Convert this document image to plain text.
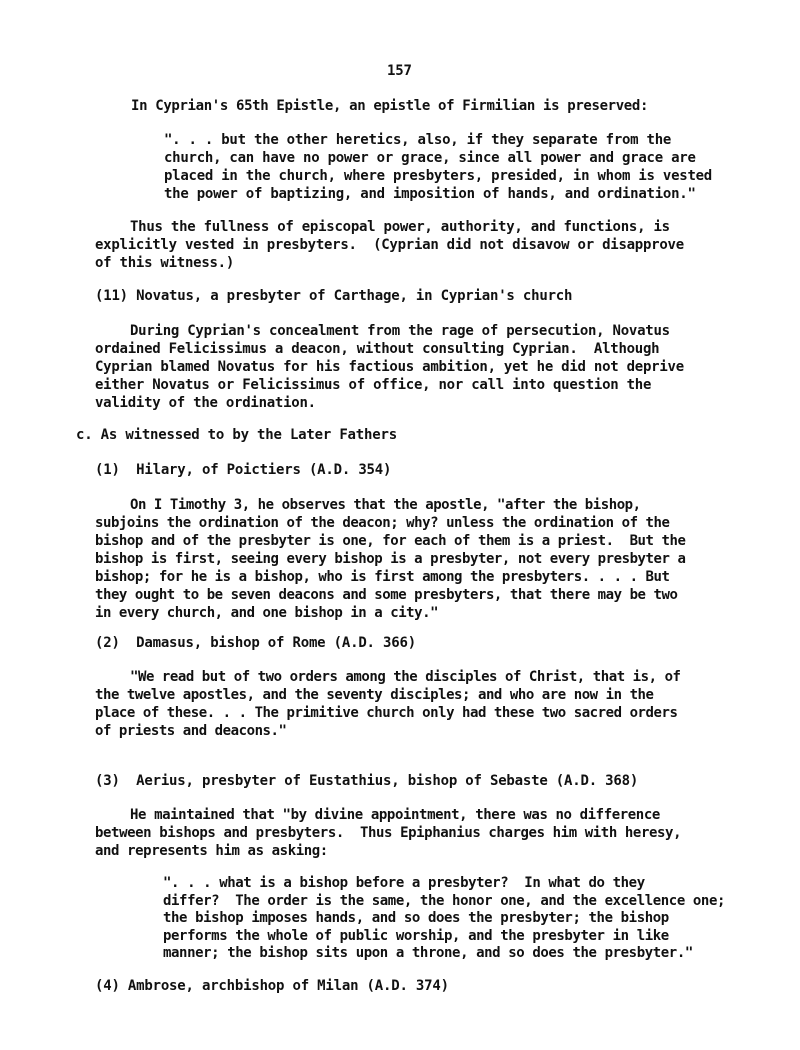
157
In Cyprian's 65th Epistle, an epistle of Firmilian is preserved:
". . . but the other heretics, also, if they separate from the
church, can have no power or grace, since all power and grace are
placed in the church, where presbyters, presided, in whom is vested
the power of baptizing, and imposition of hands, and ordination."
Thus the fullness of episcopal power, authority, and functions, is
explicitly vested in presbyters.  (Cyprian did not disavow or disapprove
of this witness.)
(11) Novatus, a presbyter of Carthage, in Cyprian's church
During Cyprian's concealment from the rage of persecution, Novatus
ordained Felicissimus a deacon, without consulting Cyprian.  Although
Cyprian blamed Novatus for his factious ambition, yet he did not deprive
either Novatus or Felicissimus of office, nor call into question the
validity of the ordination.
c. As witnessed to by the Later Fathers
(1)  Hilary, of Poictiers (A.D. 354)
On I Timothy 3, he observes that the apostle, "after the bishop,
subjoins the ordination of the deacon; why? unless the ordination of the
bishop and of the presbyter is one, for each of them is a priest.  But the
bishop is first, seeing every bishop is a presbyter, not every presbyter a
bishop; for he is a bishop, who is first among the presbyters. . . . But
they ought to be seven deacons and some presbyters, that there may be two
in every church, and one bishop in a city."
(2)  Damasus, bishop of Rome (A.D. 366)
"We read but of two orders among the disciples of Christ, that is, of
the twelve apostles, and the seventy disciples; and who are now in the
place of these. . . The primitive church only had these two sacred orders
of priests and deacons."
(3)  Aerius, presbyter of Eustathius, bishop of Sebaste (A.D. 368)
He maintained that "by divine appointment, there was no difference
between bishops and presbyters.  Thus Epiphanius charges him with heresy,
and represents him as asking:
". . . what is a bishop before a presbyter?  In what do they
differ?  The order is the same, the honor one, and the excellence one;
the bishop imposes hands, and so does the presbyter; the bishop
performs the whole of public worship, and the presbyter in like
manner; the bishop sits upon a throne, and so does the presbyter."
(4) Ambrose, archbishop of Milan (A.D. 374)
